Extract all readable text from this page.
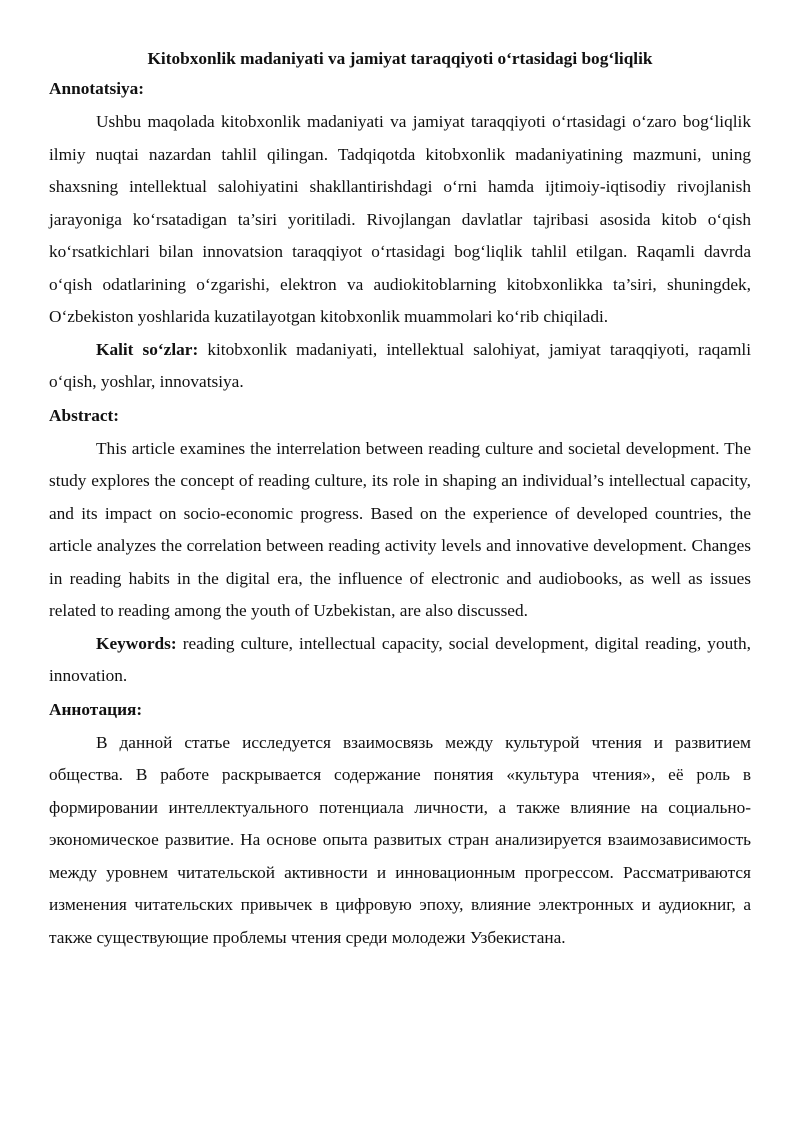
Kitobxonlik madaniyati va jamiyat taraqqiyoti o‘rtasidagi bog‘liqlik

Annotatsiya:

Ushbu maqolada kitobxonlik madaniyati va jamiyat taraqqiyoti o‘rtasidagi o‘zaro bog‘liqlik ilmiy nuqtai nazardan tahlil qilingan. Tadqiqotda kitobxonlik madaniyatining mazmuni, uning shaxsning intellektual salohiyatini shakllantirishdagi o‘rni hamda ijtimoiy-iqtisodiy rivojlanish jarayoniga ko‘rsatadigan ta’siri yoritiladi. Rivojlangan davlatlar tajribasi asosida kitob o‘qish ko‘rsatkichlari bilan innovatsion taraqqiyot o‘rtasidagi bog‘liqlik tahlil etilgan. Raqamli davrda o‘qish odatlarining o‘zgarishi, elektron va audiokitoblarning kitobxonlikka ta’siri, shuningdek, O‘zbekiston yoshlarida kuzatilayotgan kitobxonlik muammolari ko‘rib chiqiladi.

Kalit so‘zlar: kitobxonlik madaniyati, intellektual salohiyat, jamiyat taraqqiyoti, raqamli o‘qish, yoshlar, innovatsiya.

Abstract:

This article examines the interrelation between reading culture and societal development. The study explores the concept of reading culture, its role in shaping an individual’s intellectual capacity, and its impact on socio-economic progress. Based on the experience of developed countries, the article analyzes the correlation between reading activity levels and innovative development. Changes in reading habits in the digital era, the influence of electronic and audiobooks, as well as issues related to reading among the youth of Uzbekistan, are also discussed.

Keywords: reading culture, intellectual capacity, social development, digital reading, youth, innovation.

Аннотация:

В данной статье исследуется взаимосвязь между культурой чтения и развитием общества. В работе раскрывается содержание понятия «культура чтения», её роль в формировании интеллектуального потенциала личности, а также влияние на социально-экономическое развитие. На основе опыта развитых стран анализируется взаимозависимость между уровнем читательской активности и инновационным прогрессом. Рассматриваются изменения читательских привычек в цифровую эпоху, влияние электронных и аудиокниг, а также существующие проблемы чтения среди молодежи Узбекистана.
